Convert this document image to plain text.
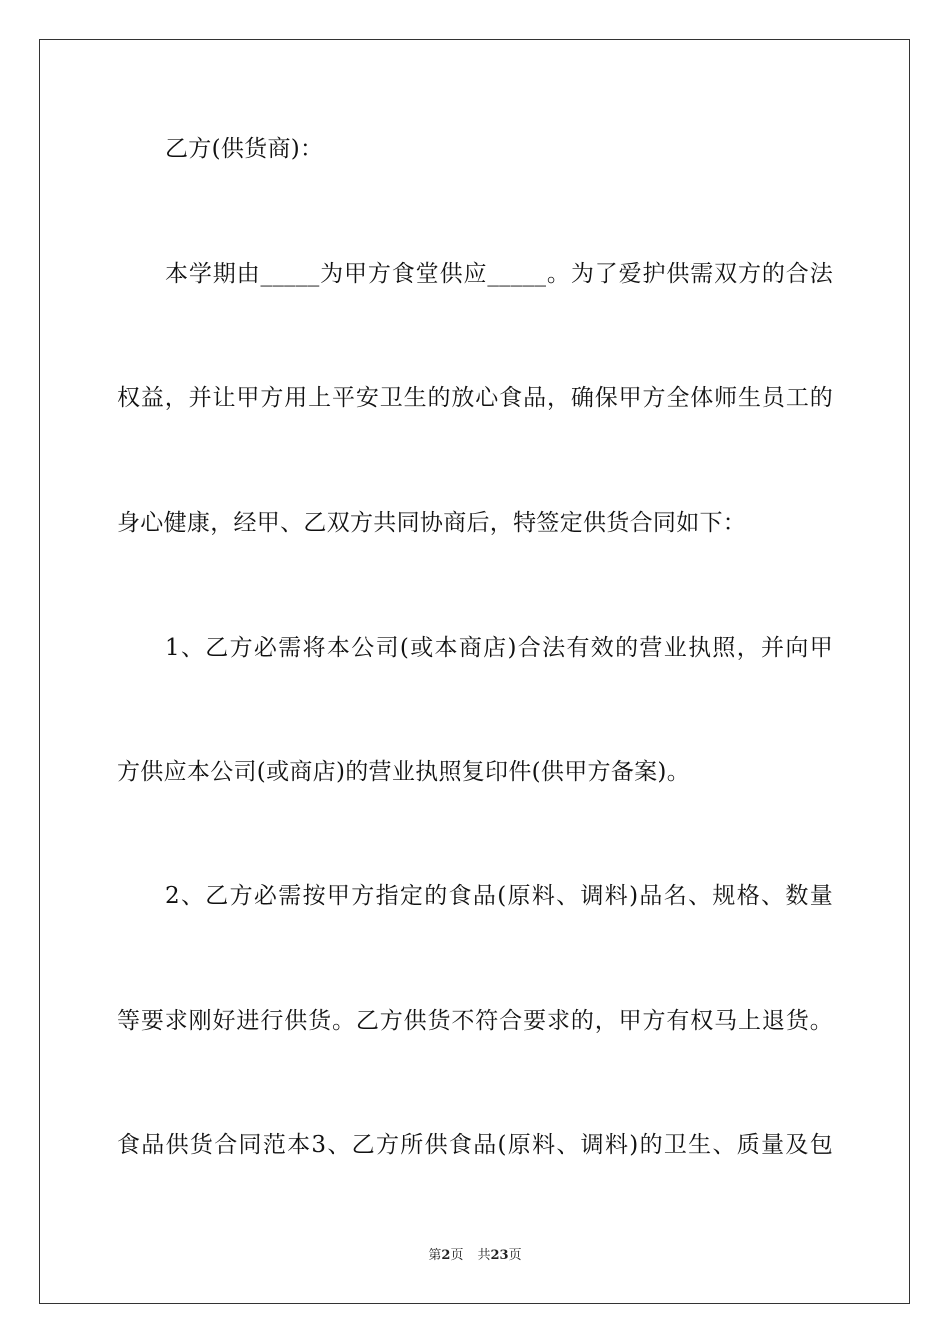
乙方(供货商)：
本学期由_____为甲方食堂供应_____。为了爱护供需双方的合法
权益，并让甲方用上平安卫生的放心食品，确保甲方全体师生员工的
身心健康，经甲、乙双方共同协商后，特签定供货合同如下：
1、乙方必需将本公司(或本商店)合法有效的营业执照，并向甲
方供应本公司(或商店)的营业执照复印件(供甲方备案)。
2、乙方必需按甲方指定的食品(原料、调料)品名、规格、数量
等要求刚好进行供货。乙方供货不符合要求的，甲方有权马上退货。
食品供货合同范本3、乙方所供食品(原料、调料)的卫生、质量及包
第2页 共23页
